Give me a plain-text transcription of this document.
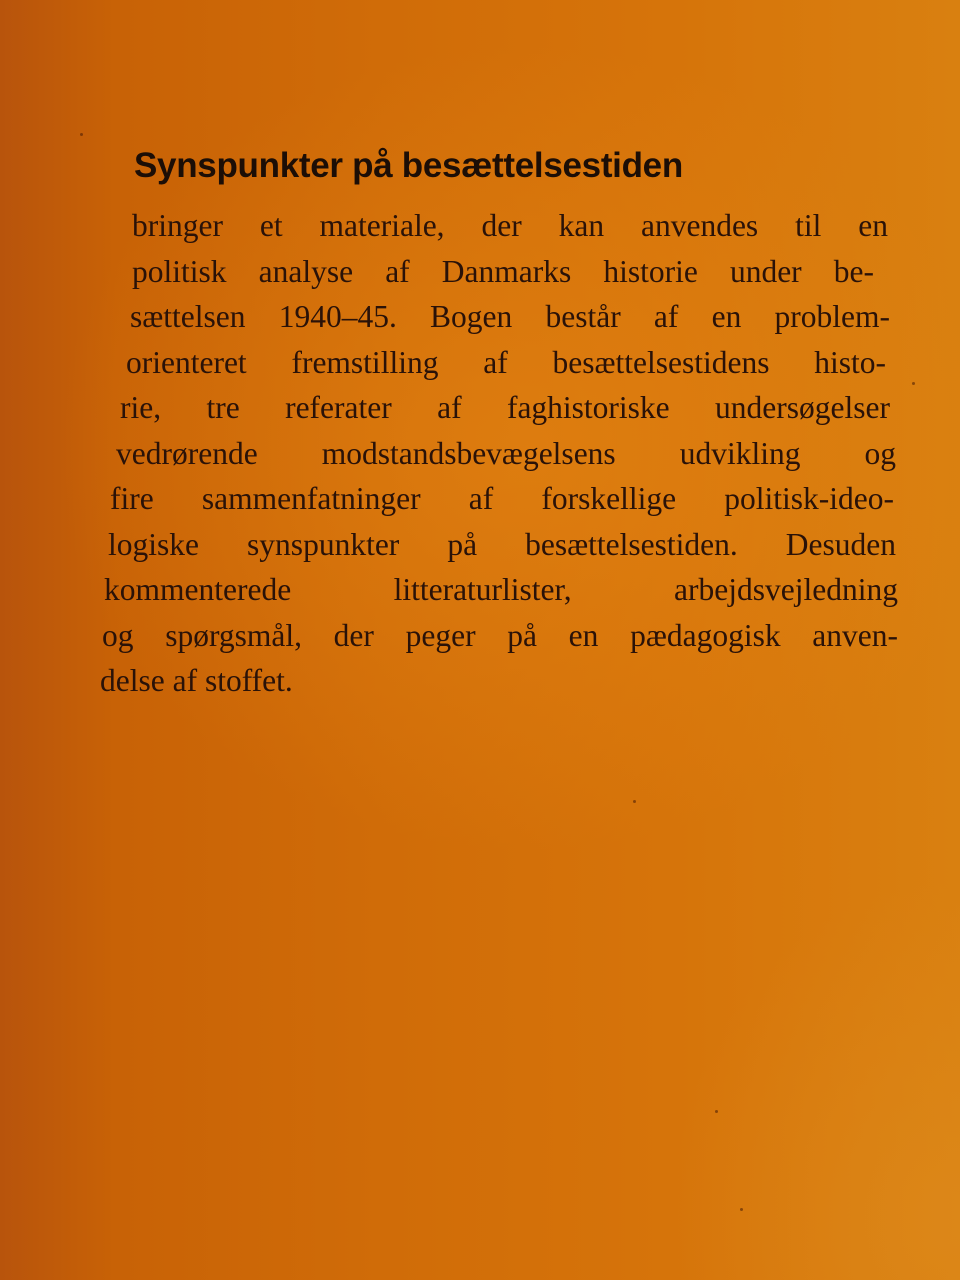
Synspunkter på besættelsestiden

bringer et materiale, der kan anvendes til en
politisk analyse af Danmarks historie under be-
sættelsen 1940–45. Bogen består af en problem-
orienteret fremstilling af besættelsestidens histo-
rie, tre referater af faghistoriske undersøgelser
vedrørende modstandsbevægelsens udvikling og
fire sammenfatninger af forskellige politisk-ideo-
logiske synspunkter på besættelsestiden. Desuden
kommenterede litteraturlister, arbejdsvejledning
og spørgsmål, der peger på en pædagogisk anven-
delse af stoffet.
